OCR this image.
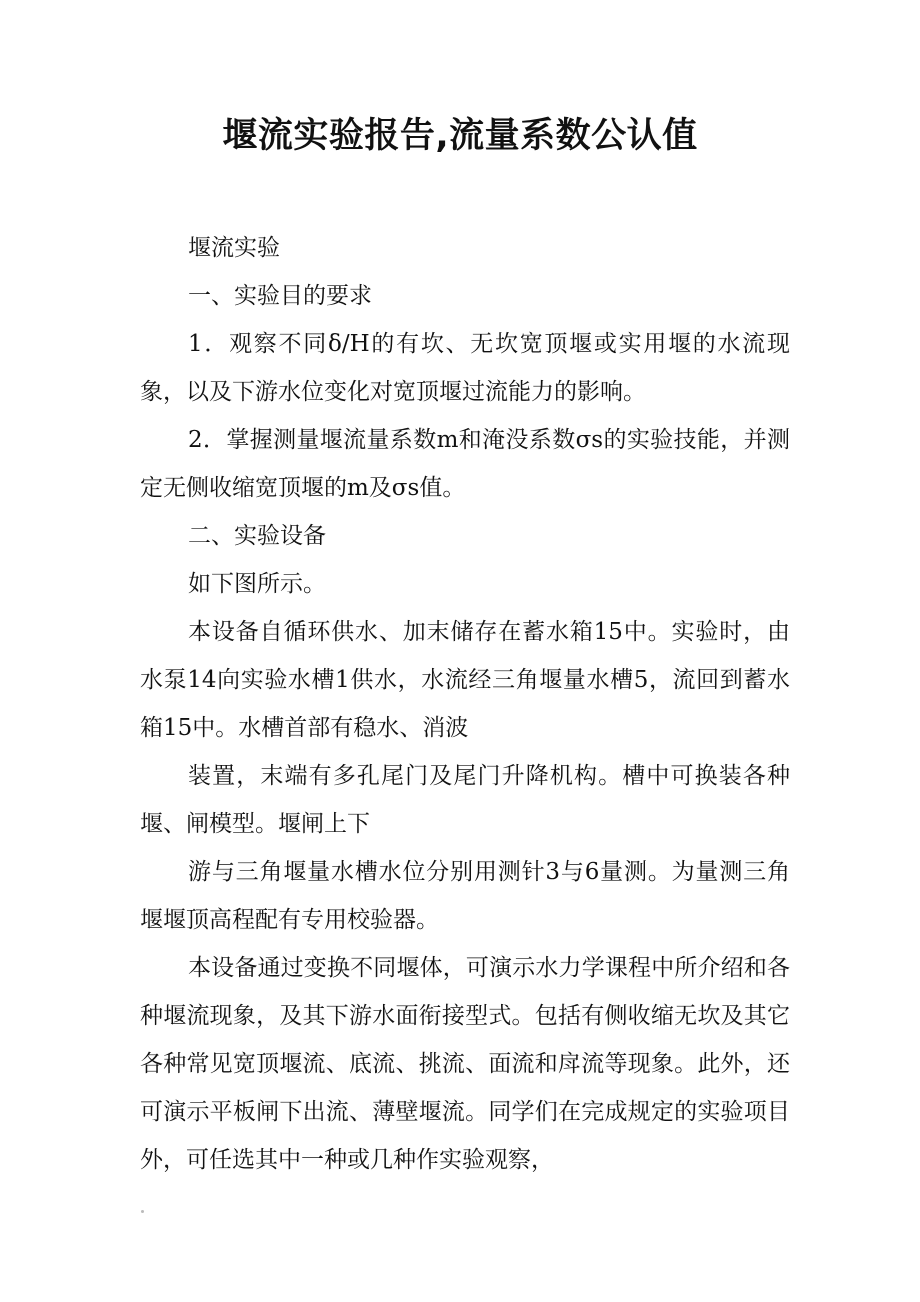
堰流实验报告,流量系数公认值

堰流实验

一、实验目的要求

1．观察不同δ/H的有坎、无坎宽顶堰或实用堰的水流现象，以及下游水位变化对宽顶堰过流能力的影响。

2．掌握测量堰流量系数m和淹没系数σs的实验技能，并测定无侧收缩宽顶堰的m及σs值。

二、实验设备

如下图所示。

本设备自循环供水、加末储存在蓄水箱15中。实验时，由水泵14向实验水槽1供水，水流经三角堰量水槽5，流回到蓄水箱15中。水槽首部有稳水、消波

装置，末端有多孔尾门及尾门升降机构。槽中可换装各种堰、闸模型。堰闸上下

游与三角堰量水槽水位分别用测针3与6量测。为量测三角堰堰顶高程配有专用校验器。

本设备通过变换不同堰体，可演示水力学课程中所介绍和各种堰流现象，及其下游水面衔接型式。包括有侧收缩无坎及其它各种常见宽顶堰流、底流、挑流、面流和戽流等现象。此外，还可演示平板闸下出流、薄壁堰流。同学们在完成规定的实验项目外，可任选其中一种或几种作实验观察，
